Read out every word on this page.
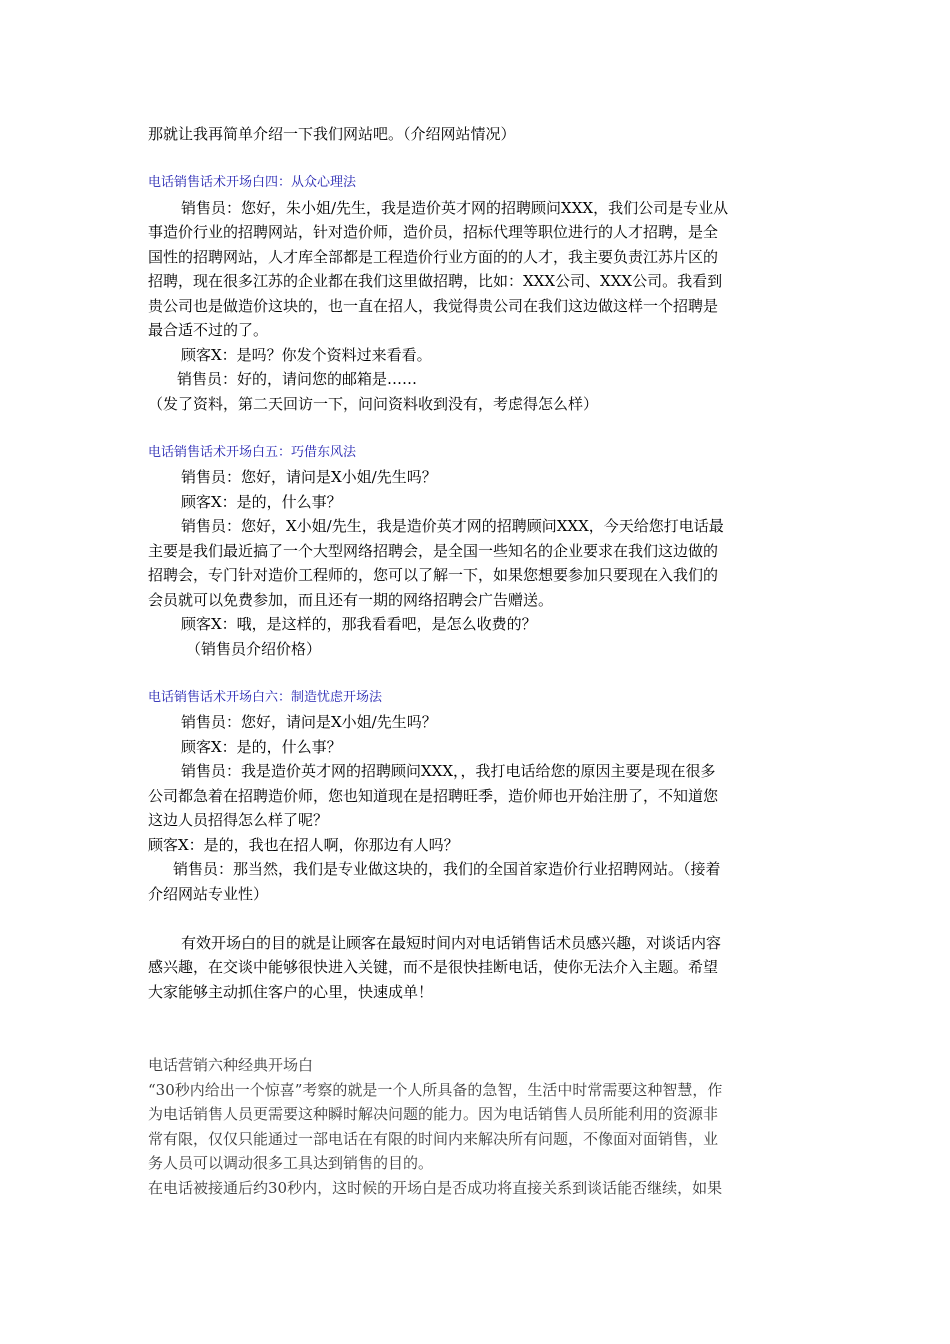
那就让我再简单介绍一下我们网站吧。（介绍网站情况）

电话销售话术开场白四：从众心理法

销售员：您好，朱小姐/先生，我是造价英才网的招聘顾问XXX，我们公司是专业从

事造价行业的招聘网站，针对造价师，造价员，招标代理等职位进行的人才招聘，是全

国性的招聘网站，人才库全部都是工程造价行业方面的的人才，我主要负责江苏片区的

招聘，现在很多江苏的企业都在我们这里做招聘，比如：XXX公司、XXX公司。我看到

贵公司也是做造价这块的，也一直在招人，我觉得贵公司在我们这边做这样一个招聘是

最合适不过的了。

顾客X：是吗？你发个资料过来看看。

销售员：好的，请问您的邮箱是……

（发了资料，第二天回访一下，问问资料收到没有，考虑得怎么样）

电话销售话术开场白五：巧借东风法

销售员：您好，请问是X小姐/先生吗？

顾客X：是的，什么事？

销售员：您好，X小姐/先生，我是造价英才网的招聘顾问XXX，今天给您打电话最

主要是我们最近搞了一个大型网络招聘会，是全国一些知名的企业要求在我们这边做的

招聘会，专门针对造价工程师的，您可以了解一下，如果您想要参加只要现在入我们的

会员就可以免费参加，而且还有一期的网络招聘会广告赠送。

顾客X：哦，是这样的，那我看看吧，是怎么收费的？

（销售员介绍价格）

电话销售话术开场白六：制造忧虑开场法

销售员：您好，请问是X小姐/先生吗？

顾客X：是的，什么事？

销售员：我是造价英才网的招聘顾问XXX，，我打电话给您的原因主要是现在很多

公司都急着在招聘造价师，您也知道现在是招聘旺季，造价师也开始注册了，不知道您

这边人员招得怎么样了呢？

顾客X：是的，我也在招人啊，你那边有人吗？

销售员：那当然，我们是专业做这块的，我们的全国首家造价行业招聘网站。（接着

介绍网站专业性）

有效开场白的目的就是让顾客在最短时间内对电话销售话术员感兴趣，对谈话内容

感兴趣，在交谈中能够很快进入关键，而不是很快挂断电话，使你无法介入主题。希望

大家能够主动抓住客户的心里，快速成单！

电话营销六种经典开场白

“30秒内给出一个惊喜”考察的就是一个人所具备的急智，生活中时常需要这种智慧，作

为电话销售人员更需要这种瞬时解决问题的能力。因为电话销售人员所能利用的资源非

常有限，仅仅只能通过一部电话在有限的时间内来解决所有问题，不像面对面销售，业

务人员可以调动很多工具达到销售的目的。

在电话被接通后约30秒内，这时候的开场白是否成功将直接关系到谈话能否继续，如果
